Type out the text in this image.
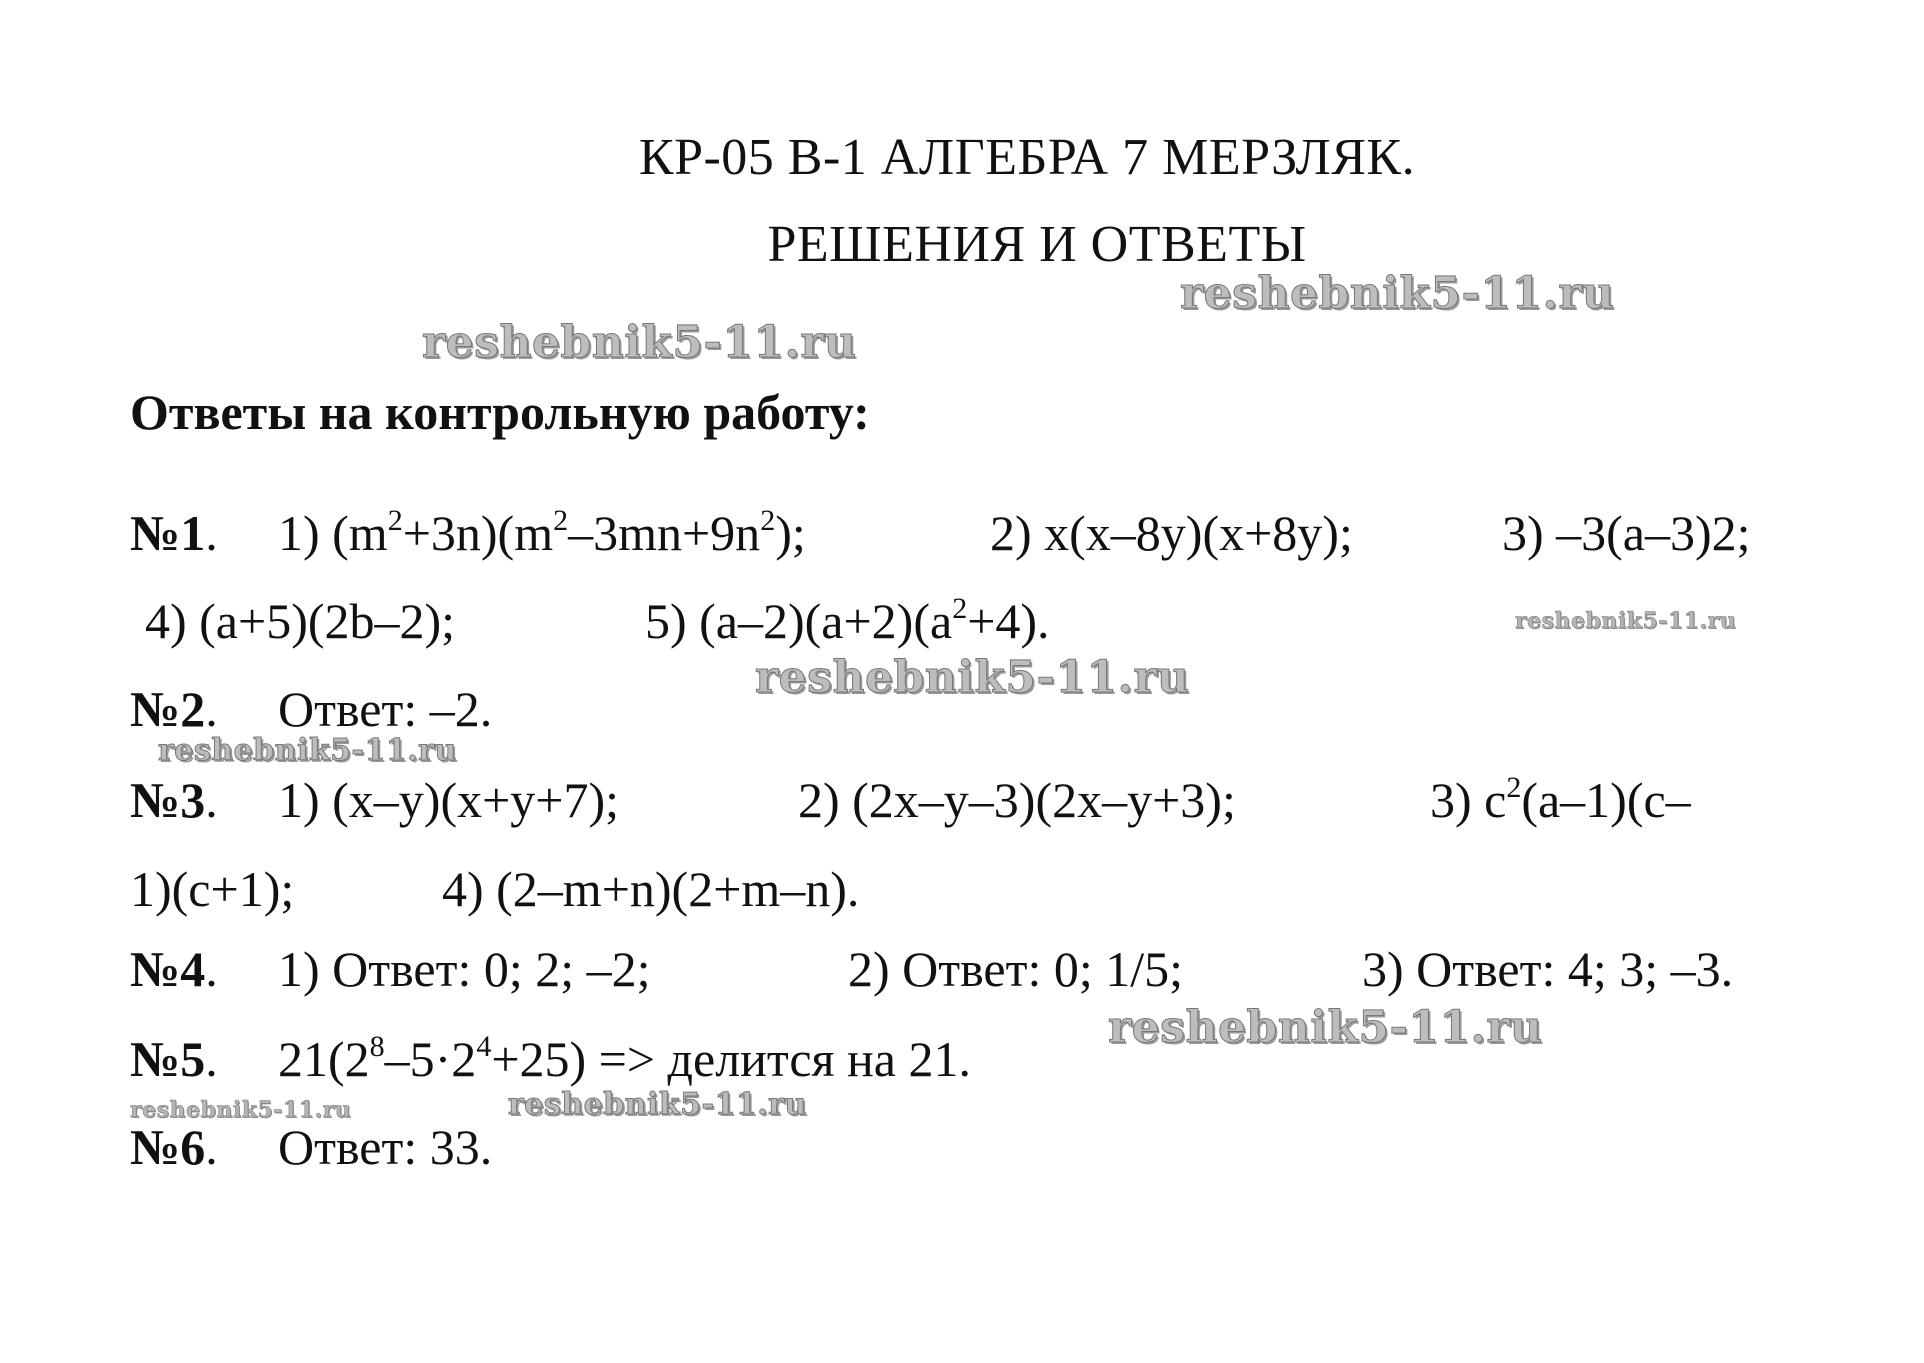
КР-05 В-1 АЛГЕБРА 7 МЕРЗЛЯК.
РЕШЕНИЯ И ОТВЕТЫ
Ответы на контрольную работу:
№1. 1) $(m^2+3n)(m^2-3mn+9n^2)$;	2) x(x–8y)(x+8y);	3) –3(a–3)2;
4) (a+5)(2b–2);	5) $(a-2)(a+2)(a^2+4)$.
№2. Ответ: –2.
№3. 1) (x–y)(x+y+7);	2) (2x–y–3)(2x–y+3);	3) $c^2(a-1)(c-$
1)(c+1);	4) (2–m+n)(2+m–n).
№4. 1) Ответ: 0; 2; –2;	2) Ответ: 0; 1/5;	3) Ответ: 4; 3; –3.
№5. $21(2^8-5\cdot 2^4+25)$ => делится на 21.
№6. Ответ: 33.
reshebnik5-11.ru
reshebnik5-11.ru
reshebnik5-11.ru
reshebnik5-11.ru
reshebnik5-11.ru
reshebnik5-11.ru
reshebnik5-11.ru	reshebnik5-11.ru
